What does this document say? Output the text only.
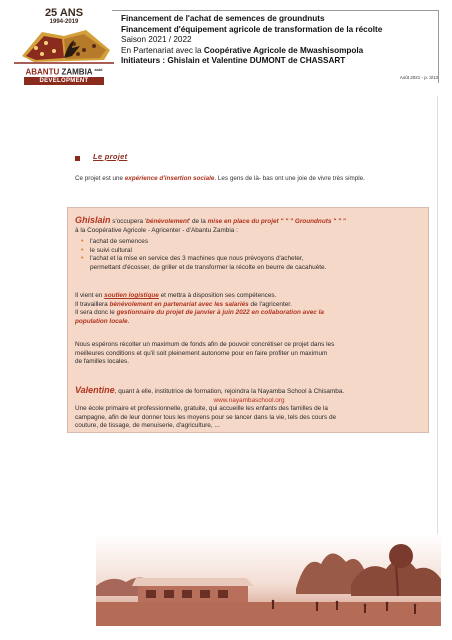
25 ANS
1994-2019
ABANTU ZAMBIA $^{asbl}$
DEVELOPMENT
Financement de l'achat de semences de groundnuts
Financement d'équipement agricole de transformation de la récolte
Saison 2021 / 2022
En Partenariat avec la Coopérative Agricole de Mwashisompola
Initiateurs : Ghislain et Valentine DUMONT de CHASSART
Août 2021 - p. 3/13
Le projet
Ce projet est une expérience d'insertion sociale. Les gens de là- bas ont une joie de vivre très simple.
Ghislain s'occupera 'bénévolement' de la mise en place du projet " " " Groundnuts " " "
à la Coopérative Agricole - Agricenter - d'Abantu Zambia :
• l'achat de semences
• le suivi cultural
• l'achat et la mise en service des 3 machines que nous prévoyons d'acheter,
permettant d'écosser, de griller et de transformer la récolte en beurre de cacahuète.
Il vient en soutien logistique et mettra à disposition ses compétences.
Il travaillera bénévolement en partenariat avec les salariés de l'agricenter.
Il sera donc le gestionnaire du projet de janvier à juin 2022 en collaboration avec la
population locale.
Nous espérons récolter un maximum de fonds afin de pouvoir concrétiser ce projet dans les
meilleures conditions et qu'il soit pleinement autonome pour en faire profiter un maximum
de familles locales.
Valentine, quant à elle, institutrice de formation, rejoindra la Nayamba School à Chisamba.
www.nayambaschool.org
Une école primaire et professionnelle, gratuite, qui accueille les enfants des familles de la
campagne, afin de leur donner tous les moyens pour se lancer dans la vie, tels des cours de
couture, de tissage, de menuiserie, d'agriculture, ...
